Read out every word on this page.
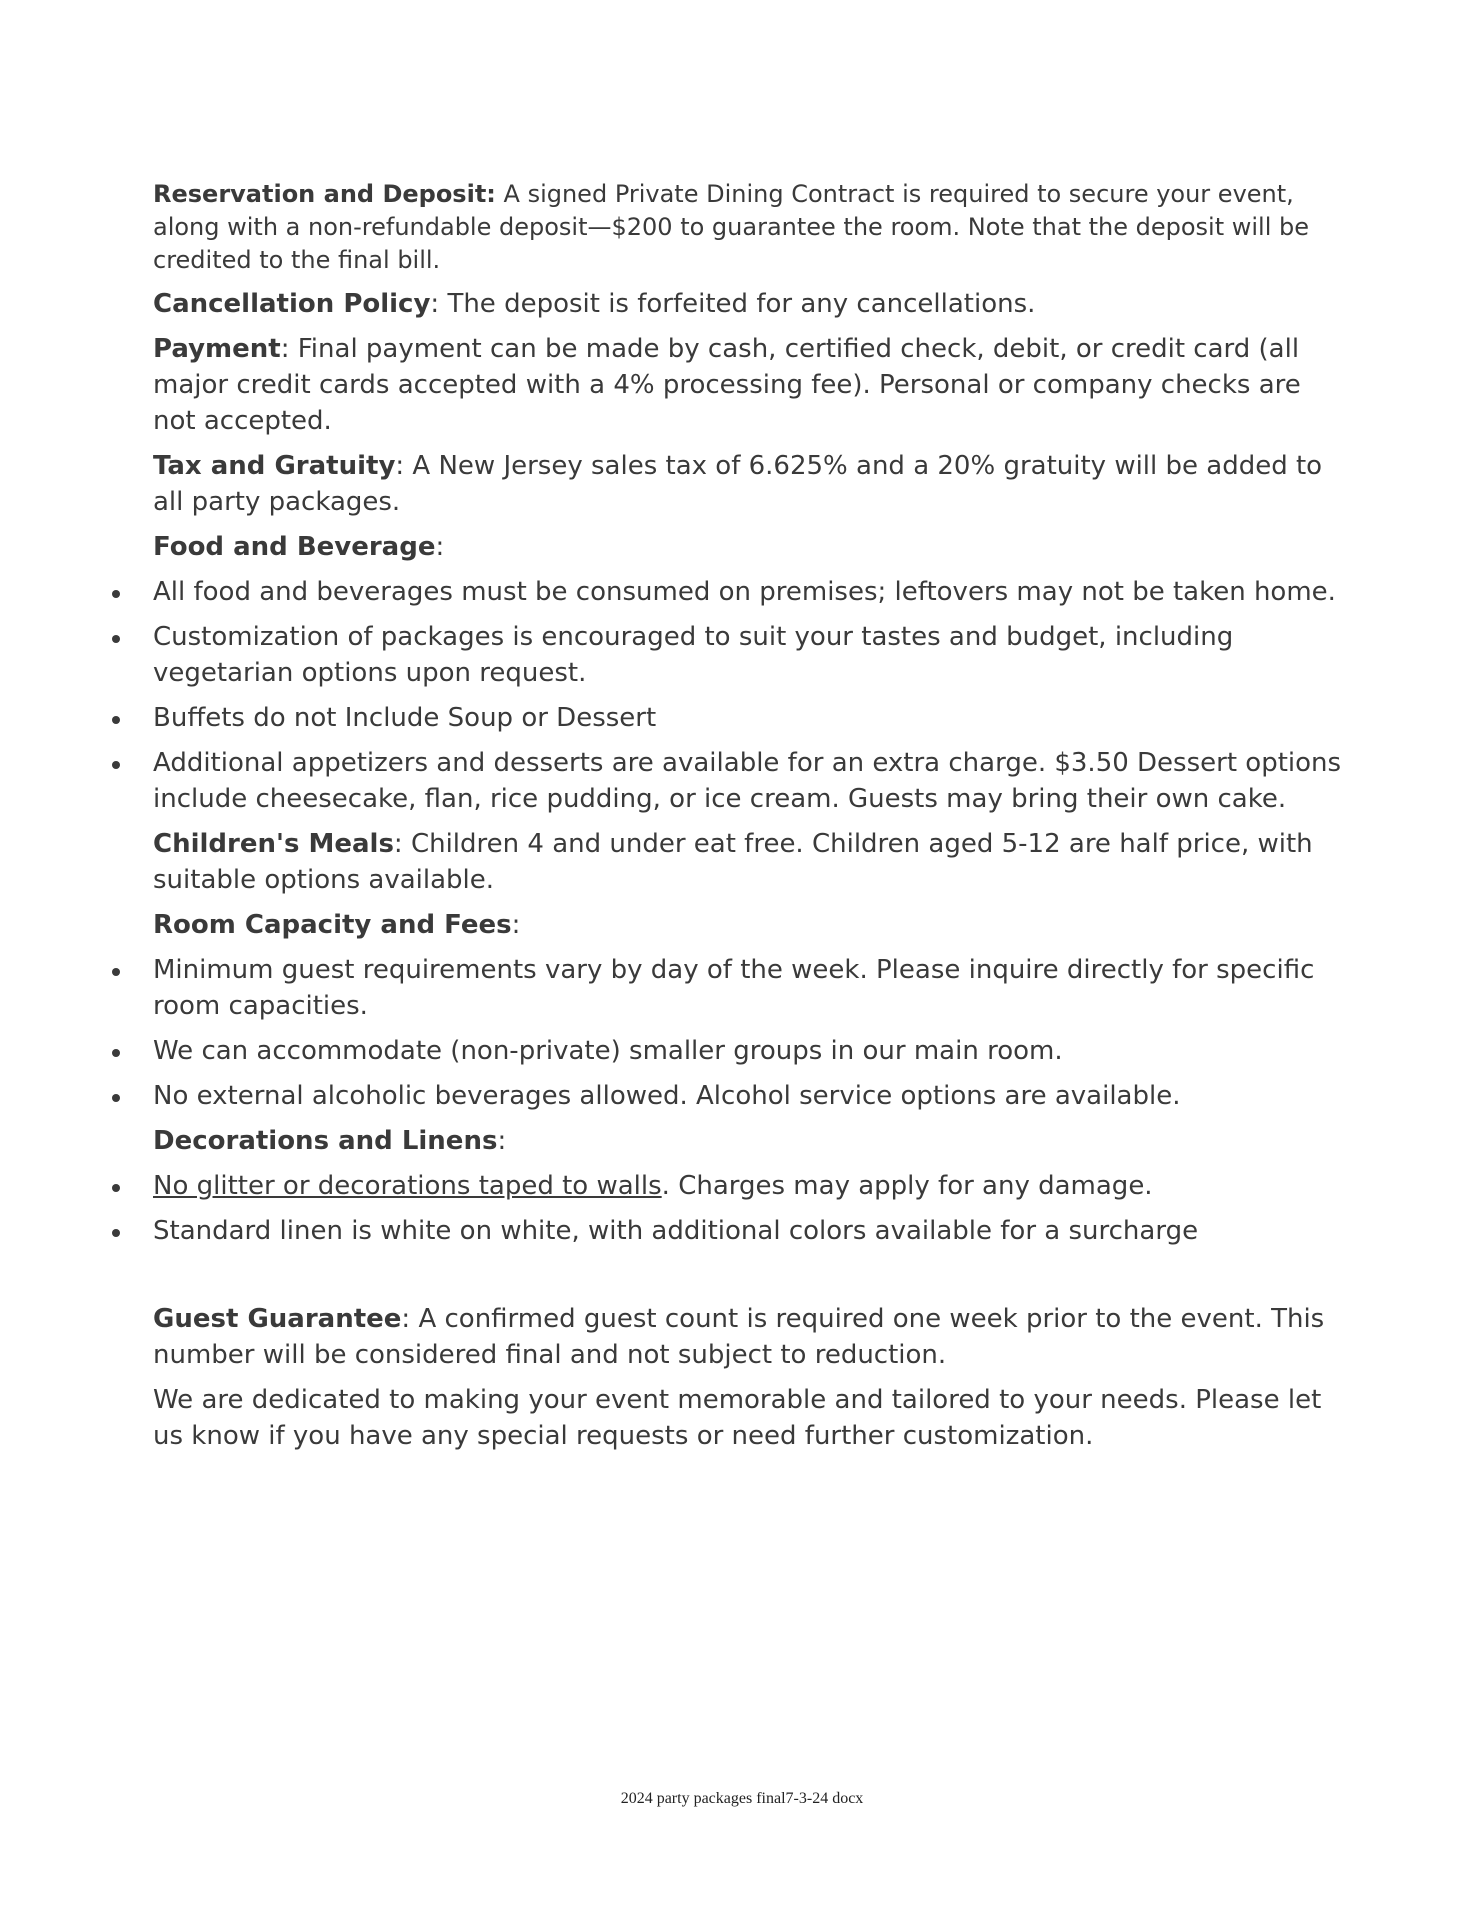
Reservation and Deposit: A signed Private Dining Contract is required to secure your event, along with a non-refundable deposit—$200 to guarantee the room. Note that the deposit will be credited to the final bill.

Cancellation Policy: The deposit is forfeited for any cancellations.

Payment: Final payment can be made by cash, certified check, debit, or credit card (all major credit cards accepted with a 4% processing fee). Personal or company checks are not accepted.

Tax and Gratuity: A New Jersey sales tax of 6.625% and a 20% gratuity will be added to all party packages.

Food and Beverage:

All food and beverages must be consumed on premises; leftovers may not be taken home.
Customization of packages is encouraged to suit your tastes and budget, including vegetarian options upon request.
Buffets do not Include Soup or Dessert
Additional appetizers and desserts are available for an extra charge. $3.50 Dessert options include cheesecake, flan, rice pudding, or ice cream. Guests may bring their own cake.

Children's Meals: Children 4 and under eat free. Children aged 5-12 are half price, with suitable options available.

Room Capacity and Fees:

Minimum guest requirements vary by day of the week. Please inquire directly for specific room capacities.
We can accommodate (non-private) smaller groups in our main room.
No external alcoholic beverages allowed. Alcohol service options are available.

Decorations and Linens:

No glitter or decorations taped to walls. Charges may apply for any damage.
Standard linen is white on white, with additional colors available for a surcharge

Guest Guarantee: A confirmed guest count is required one week prior to the event. This number will be considered final and not subject to reduction.

We are dedicated to making your event memorable and tailored to your needs. Please let us know if you have any special requests or need further customization.

2024 party packages final7-3-24 docx
